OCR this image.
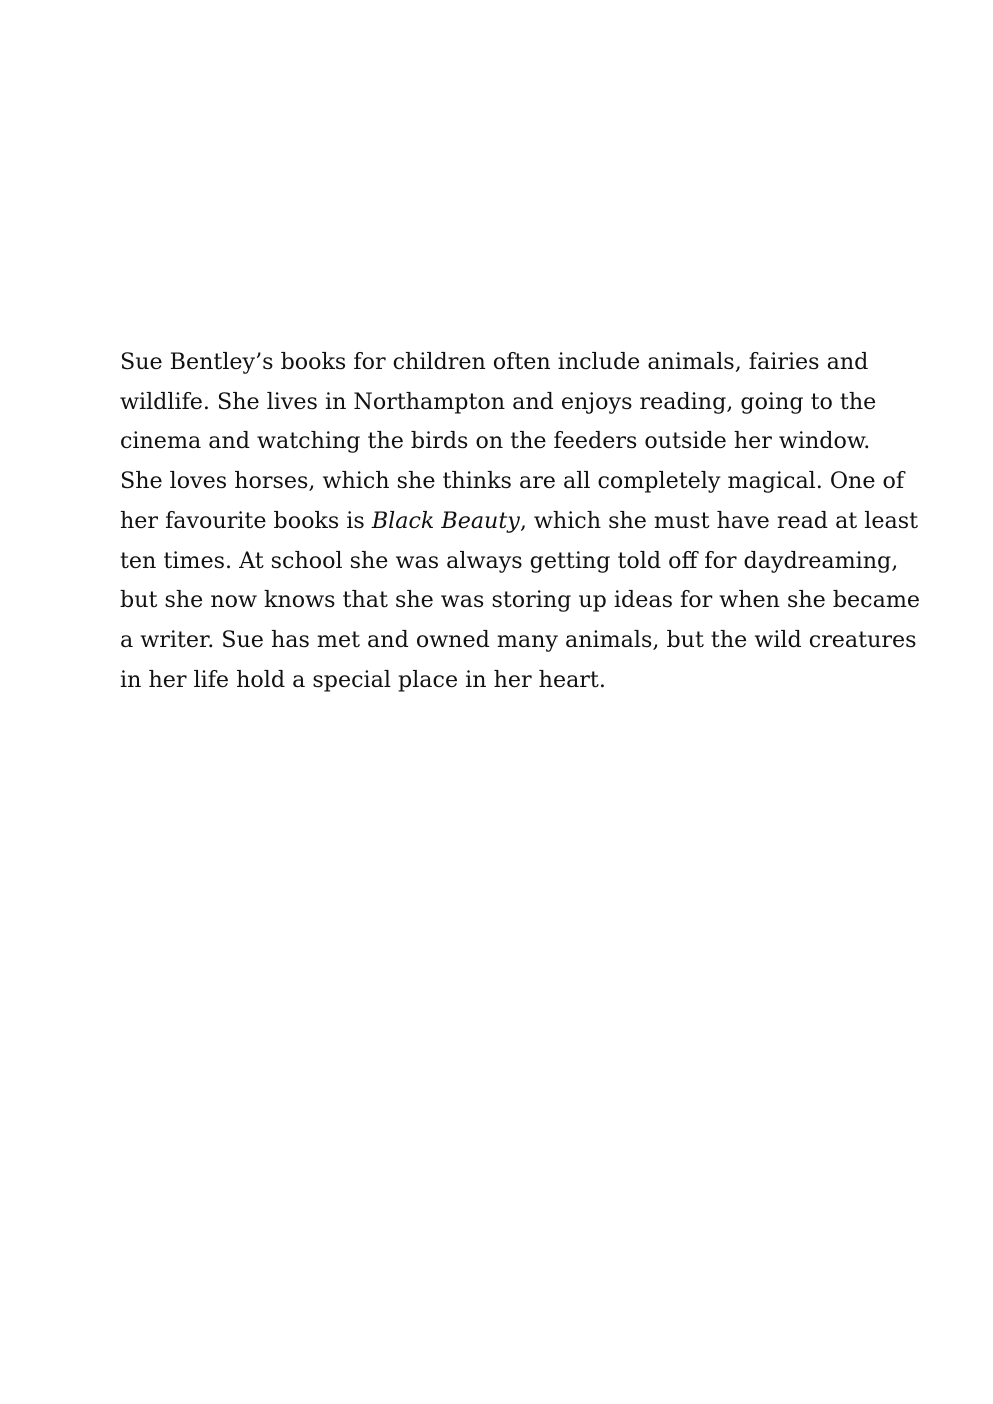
Sue Bentley’s books for children often include animals, fairies and
wildlife. She lives in Northampton and enjoys reading, going to the
cinema and watching the birds on the feeders outside her window.
She loves horses, which she thinks are all completely magical. One of
her favourite books is Black Beauty, which she must have read at least
ten times. At school she was always getting told off for daydreaming,
but she now knows that she was storing up ideas for when she became
a writer. Sue has met and owned many animals, but the wild creatures
in her life hold a special place in her heart.
